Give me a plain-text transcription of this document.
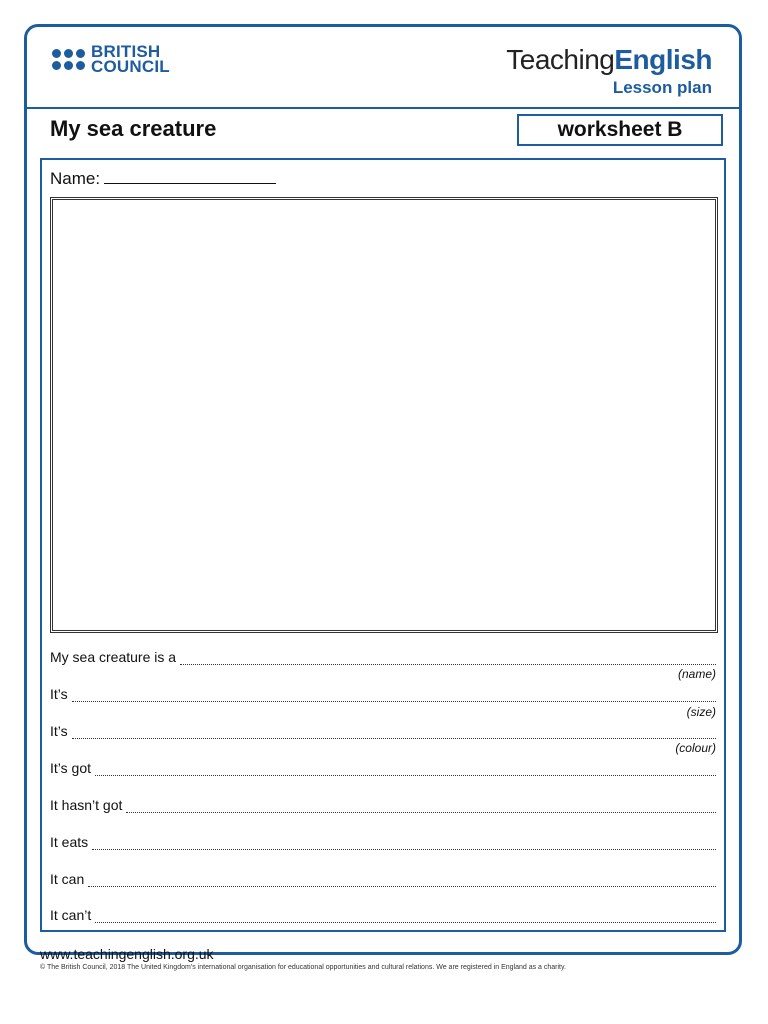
BRITISH
COUNCIL	TeachingEnglish
Lesson plan
My sea creature	worksheet B
Name:
My sea creature is a
(name)
It’s
(size)
It’s
(colour)
It’s got
It hasn’t got
It eats
It can
It can’t
www.teachingenglish.org.uk
© The British Council, 2018 The United Kingdom’s international organisation for educational opportunities and cultural relations. We are registered in England as a charity.
